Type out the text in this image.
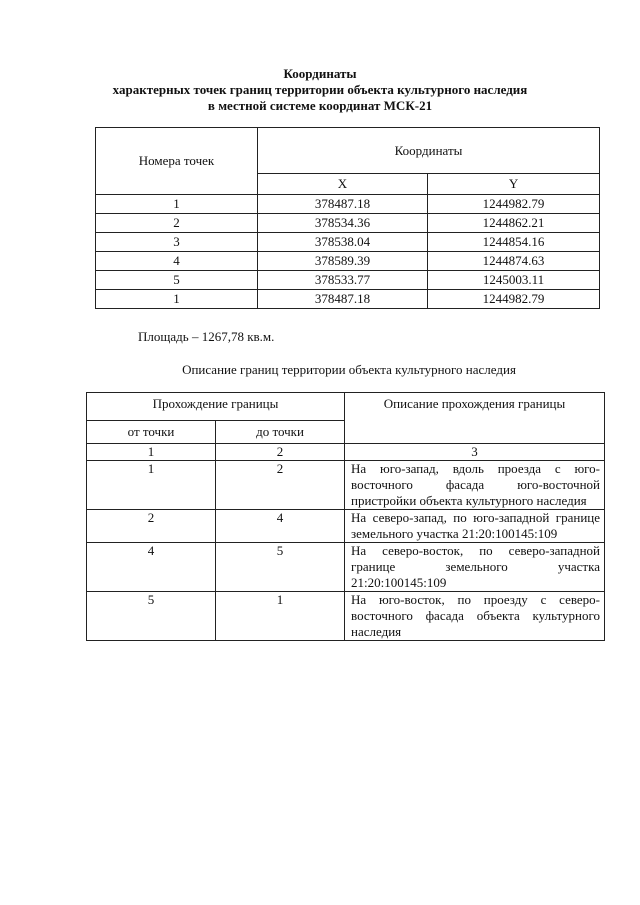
Координаты
характерных точек границ территории объекта культурного наследия
в местной системе координат МСК-21
Номера точек	Координаты	
	X	Y
1	378487.18	1244982.79
2	378534.36	1244862.21
3	378538.04	1244854.16
4	378589.39	1244874.63
5	378533.77	1245003.11
1	378487.18	1244982.79
Площадь – 1267,78 кв.м.
Описание границ территории объекта культурного наследия
Прохождение границы		Описание прохождения границы
от точки	до точки	
1	2	3
1	2	На юго-запад, вдоль проезда с юго-восточного фасада юго-восточной пристройки объекта культурного наследия
2	4	На северо-запад, по юго-западной границе земельного участка 21:20:100145:109
4	5	На северо-восток, по северо-западной границе земельного участка 21:20:100145:109
5	1	На юго-восток, по проезду с северо-восточного фасада объекта культурного наследия
